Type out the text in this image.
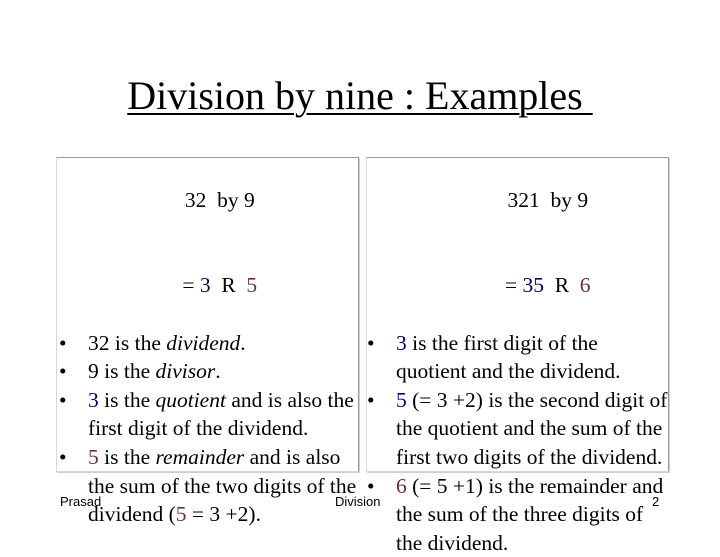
Division by nine : Examples

32  by 9

= 3  R  5

• 32 is the dividend.
• 9 is the divisor.
• 3 is the quotient and is also the first digit of the dividend.
• 5 is the remainder and is also the sum of the two digits of the dividend (5 = 3 +2).

321  by 9

= 35  R  6

• 3 is the first digit of the quotient and the dividend.
• 5 (= 3 +2) is the second digit of the quotient and the sum of the first two digits of the dividend.
• 6 (= 5 +1) is the remainder and the sum of the three digits of the dividend.
Prasad	Division	2
